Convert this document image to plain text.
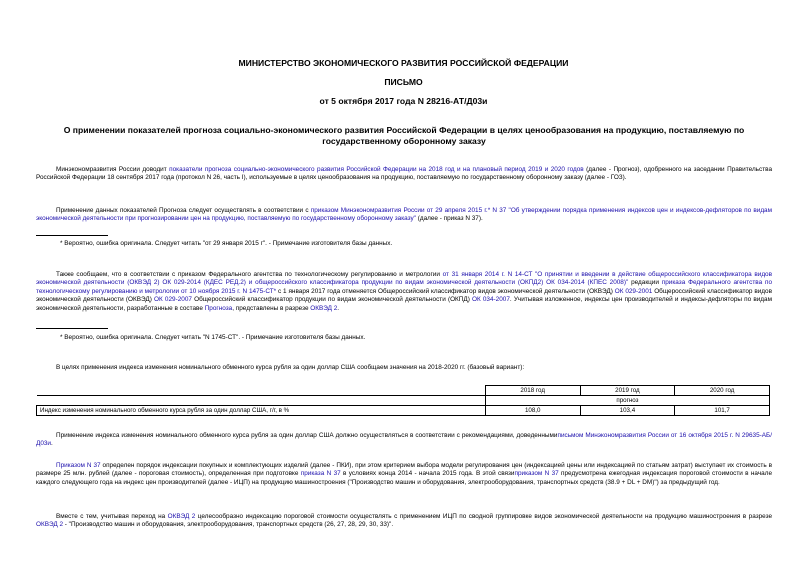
МИНИСТЕРСТВО ЭКОНОМИЧЕСКОГО РАЗВИТИЯ РОССИЙСКОЙ ФЕДЕРАЦИИ
ПИСЬМО
от 5 октября 2017 года N 28216-АТ/Д03и
О применении показателей прогноза социально-экономического развития Российской Федерации в целях ценообразования на продукцию, поставляемую по государственному оборонному заказу
Минэкономразвития России доводит показатели прогноза социально-экономического развития Российской Федерации на 2018 год и на плановый период 2019 и 2020 годов (далее - Прогноз), одобренного на заседании Правительства Российской Федерации 18 сентября 2017 года (протокол N 26, часть I), используемые в целях ценообразования на продукцию, поставляемую по государственному оборонному заказу (далее - ГОЗ).
Применение данных показателей Прогноза следует осуществлять в соответствии с приказом Минэкономразвития России от 29 апреля 2015 г.* N 37 "Об утверждении порядка применения индексов цен и индексов-дефляторов по видам экономической деятельности при прогнозировании цен на продукцию, поставляемую по государственному оборонному заказу" (далее - приказ N 37).
* Вероятно, ошибка оригинала. Следует читать "от 29 января 2015 г". - Примечание изготовителя базы данных.
Также сообщаем, что в соответствии с приказом Федерального агентства по технологическому регулированию и метрологии от 31 января 2014 г. N 14-СТ "О принятии и введении в действие общероссийского классификатора видов экономической деятельности (ОКВЭД 2) ОК 029-2014 (КДЕС РЕД.2) и общероссийского классификатора продукции по видам экономической деятельности (ОКПД2) ОК 034-2014 (КПЕС 2008)" редакции приказа Федерального агентства по технологическому регулированию и метрологии от 10 ноября 2015 г. N 1475-СТ* с 1 января 2017 года отменяется Общероссийский классификатор видов экономической деятельности (ОКВЭД) ОК 029-2001 Общероссийский классификатор видов экономической деятельности (ОКВЭД) ОК 029-2007 Общероссийский классификатор продукции по видам экономической деятельности (ОКПД) ОК 034-2007. Учитывая изложенное, индексы цен производителей и индексы-дефляторы по видам экономической деятельности, разработанные в составе Прогноза, представлены в разрезе ОКВЭД 2.
* Вероятно, ошибка оригинала. Следует читать "N 1745-СТ". - Примечание изготовителя базы данных.
В целях применения индекса изменения номинального обменного курса рубля за один доллар США сообщаем значения на 2018-2020 гг. (базовый вариант):
	2018 год	2019 год	2020 год
	прогноз		
Индекс изменения номинального обменного курса рубля за один доллар США, г/г, в %	108,0	103,4	101,7
Применение индекса изменения номинального обменного курса рубля за один доллар США должно осуществляться в соответствии с рекомендациями, доведеннымиписьмом Минэкономразвития России от 16 октября 2015 г. N 29635-АБ/Д03и.
Приказом N 37 определен порядок индексации покупных и комплектующих изделий (далее - ПКИ), при этом критерием выбора модели регулирования цен (индексацией цены или индексацией по статьям затрат) выступает их стоимость в размере 25 млн. рублей (далее - пороговая стоимость), определенная при подготовке приказа N 37 в условиях конца 2014 - начала 2015 года. В этой связиприказом N 37 предусмотрена ежегодная индексация пороговой стоимости в начале каждого следующего года на индекс цен производителей (далее - ИЦП) на продукцию машиностроения ("Производство машин и оборудования, электрооборудования, транспортных средств (38.9 + DL + DM)") за предыдущий год.
Вместе с тем, учитывая переход на ОКВЭД 2 целесообразно индексацию пороговой стоимости осуществлять с применением ИЦП по сводной группировке видов экономической деятельности на продукцию машиностроения в разрезе ОКВЭД 2 - "Производство машин и оборудования, электрооборудования, транспортных средств (26, 27, 28, 29, 30, 33)".
